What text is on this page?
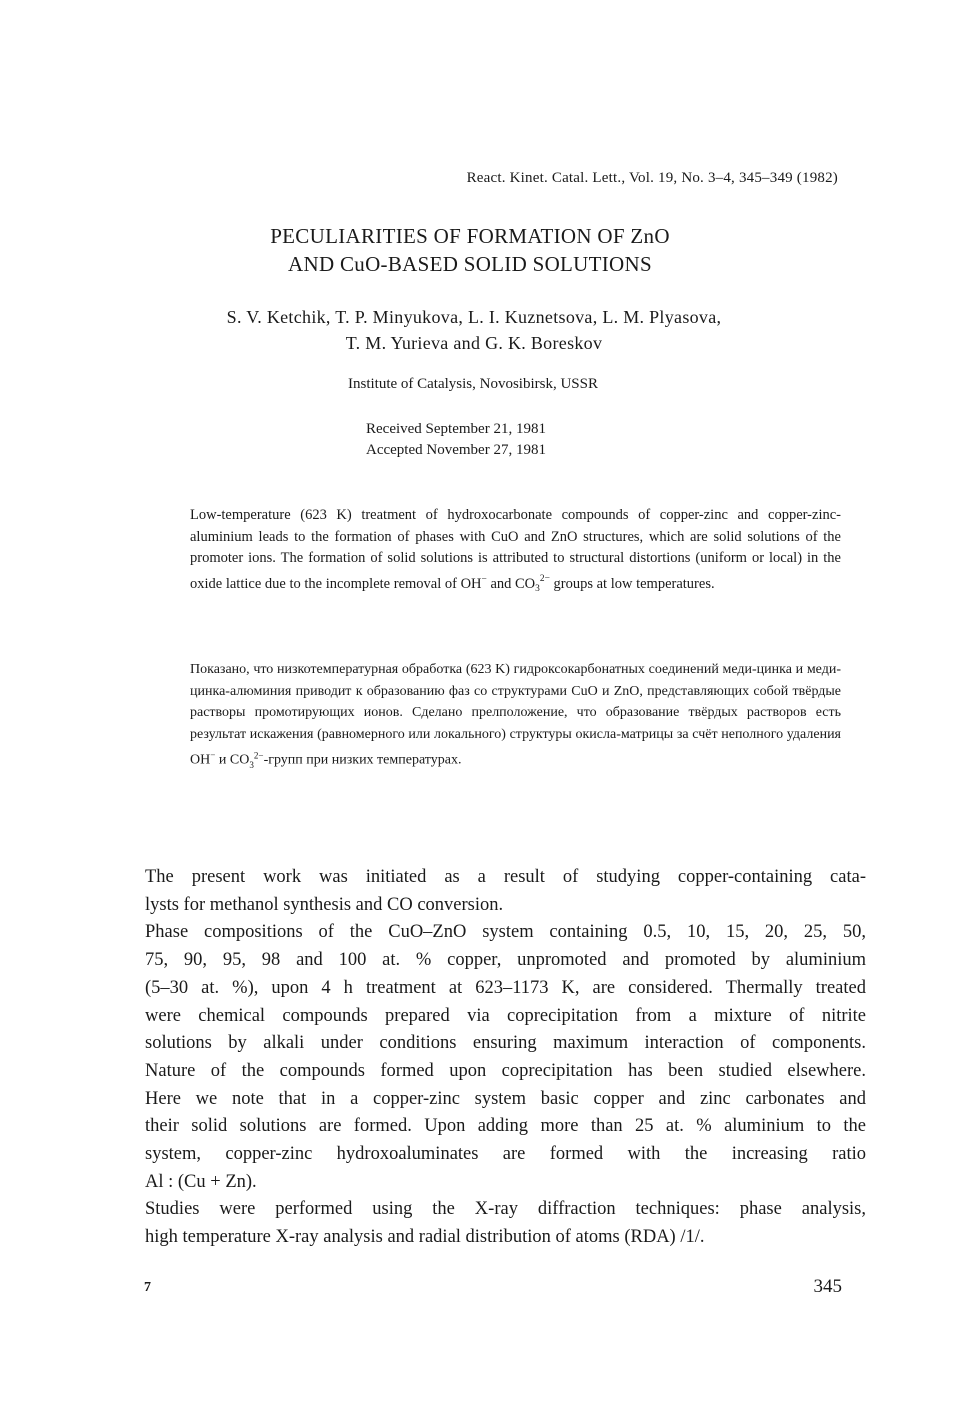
React. Kinet. Catal. Lett., Vol. 19, No. 3–4, 345–349 (1982)
PECULIARITIES OF FORMATION OF ZnO
AND CuO-BASED SOLID SOLUTIONS
S. V. Ketchik, T. P. Minyukova, L. I. Kuznetsova, L. M. Plyasova,
T. M. Yurieva and G. K. Boreskov
Institute of Catalysis, Novosibirsk, USSR
Received September 21, 1981
Accepted November 27, 1981
Low-temperature (623 K) treatment of hydroxocarbonate compounds of copper-zinc and copper-zinc-aluminium leads to the formation of phases with CuO and ZnO structures, which are solid solutions of the promoter ions. The formation of solid solutions is attributed to structural distortions (uniform or local) in the oxide lattice due to the incomplete removal of OH− and $CO_3^{2-}$ groups at low temperatures.
Показано, что низкотемпературная обработка (623 K) гидроксокарбонатных соединений меди-цинка и меди-цинка-алюминия приводит к образованию фаз со структурами CuO и ZnO, представляющих собой твёрдые растворы промотирующих ионов. Сделано прелположение, что образование твёрдых растворов есть результат искажения (равномерного или локального) структуры окисла-матрицы за счёт неполного удаления OH− и $CO_3^{2-}$-групп при низких температурах.
The present work was initiated as a result of studying copper-containing cata-
lysts for methanol synthesis and CO conversion.
Phase compositions of the CuO–ZnO system containing 0.5, 10, 15, 20, 25, 50,
75, 90, 95, 98 and 100 at. % copper, unpromoted and promoted by aluminium
(5–30 at. %), upon 4 h treatment at 623–1173 K, are considered. Thermally treated
were chemical compounds prepared via coprecipitation from a mixture of nitrite
solutions by alkali under conditions ensuring maximum interaction of components.
Nature of the compounds formed upon coprecipitation has been studied elsewhere.
Here we note that in a copper-zinc system basic copper and zinc carbonates and
their solid solutions are formed. Upon adding more than 25 at. % aluminium to the
system, copper-zinc hydroxoaluminates are formed with the increasing ratio
Al : (Cu + Zn).
Studies were performed using the X-ray diffraction techniques: phase analysis,
high temperature X-ray analysis and radial distribution of atoms (RDA) /1/.
7	345
